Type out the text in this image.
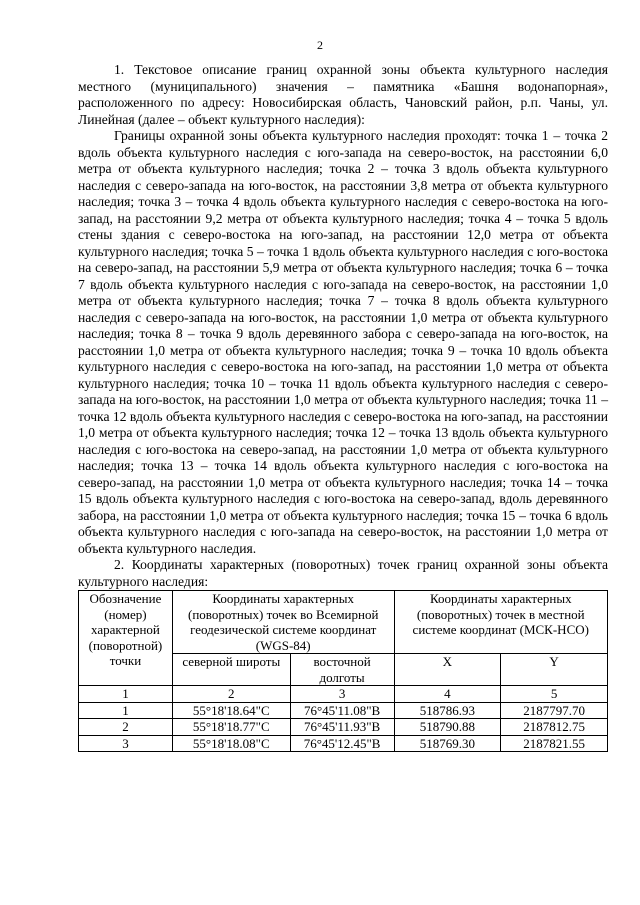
2

1. Текстовое описание границ охранной зоны объекта культурного наследия местного (муниципального) значения – памятника «Башня водонапорная», расположенного по адресу: Новосибирская область, Чановский район, р.п. Чаны, ул. Линейная (далее – объект культурного наследия):

Границы охранной зоны объекта культурного наследия проходят: точка 1 – точка 2 вдоль объекта культурного наследия с юго-запада на северо-восток, на расстоянии 6,0 метра от объекта культурного наследия; точка 2 – точка 3 вдоль объекта культурного наследия с северо-запада на юго-восток, на расстоянии 3,8 метра от объекта культурного наследия; точка 3 – точка 4 вдоль объекта культурного наследия с северо-востока на юго-запад, на расстоянии 9,2 метра от объекта культурного наследия; точка 4 – точка 5 вдоль стены здания с северо-востока на юго-запад, на расстоянии 12,0 метра от объекта культурного наследия; точка 5 – точка 1 вдоль объекта культурного наследия с юго-востока на северо-запад, на расстоянии 5,9 метра от объекта культурного наследия; точка 6 – точка 7 вдоль объекта культурного наследия с юго-запада на северо-восток, на расстоянии 1,0 метра от объекта культурного наследия; точка 7 – точка 8 вдоль объекта культурного наследия с северо-запада на юго-восток, на расстоянии 1,0 метра от объекта культурного наследия; точка 8 – точка 9 вдоль деревянного забора с северо-запада на юго-восток, на расстоянии 1,0 метра от объекта культурного наследия; точка 9 – точка 10 вдоль объекта культурного наследия с северо-востока на юго-запад, на расстоянии 1,0 метра от объекта культурного наследия; точка 10 – точка 11 вдоль объекта культурного наследия с северо-запада на юго-восток, на расстоянии 1,0 метра от объекта культурного наследия; точка 11 – точка 12 вдоль объекта культурного наследия с северо-востока на юго-запад, на расстоянии 1,0 метра от объекта культурного наследия; точка 12 – точка 13 вдоль объекта культурного наследия с юго-востока на северо-запад, на расстоянии 1,0 метра от объекта культурного наследия; точка 13 – точка 14 вдоль объекта культурного наследия с юго-востока на северо-запад, на расстоянии 1,0 метра от объекта культурного наследия; точка 14 – точка 15 вдоль объекта культурного наследия с юго-востока на северо-запад, вдоль деревянного забора, на расстоянии 1,0 метра от объекта культурного наследия; точка 15 – точка 6 вдоль объекта культурного наследия с юго-запада на северо-восток, на расстоянии 1,0 метра от объекта культурного наследия.

2. Координаты характерных (поворотных) точек границ охранной зоны объекта культурного наследия:

Обозначение (номер) характерной (поворотной) точки	Координаты характерных (поворотных) точек во Всемирной геодезической системе координат (WGS-84)		Координаты характерных (поворотных) точек в местной системе координат (МСК-НСО)	
	северной широты	восточной долготы	X	Y
1	2	3	4	5
1	55°18'18.64"С	76°45'11.08"В	518786.93	2187797.70
2	55°18'18.77"С	76°45'11.93"В	518790.88	2187812.75
3	55°18'18.08"С	76°45'12.45"В	518769.30	2187821.55
